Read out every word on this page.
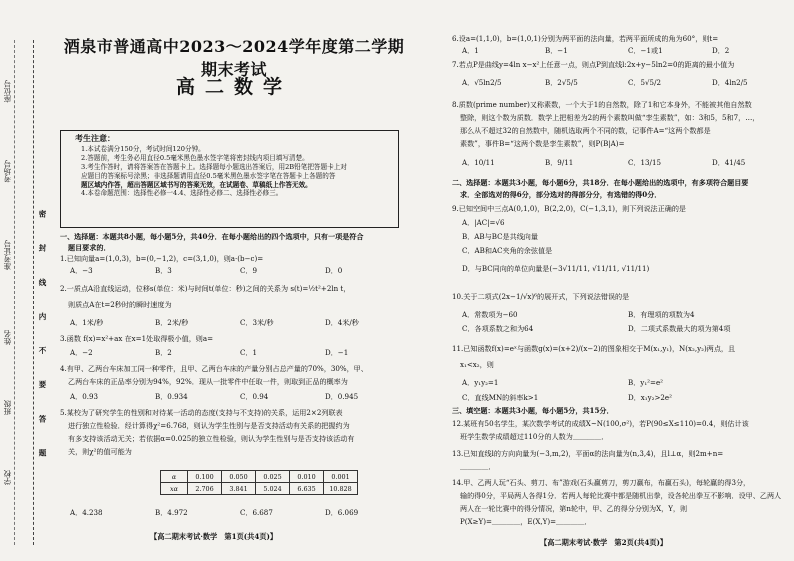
学校
班级
姓名
准考证号
考场号
座位号
密 封 线 内 不 要 答 题
酒泉市普通高中2023～2024学年度第二学期期末考试
高二数学
考生注意：
1.本试卷满分150分，考试时间120分钟。
2.答题前，考生务必用直径0.5毫米黑色墨水签字笔将密封线内项目填写清楚。
3.考生作答时，请将答案答在答题卡上。选择题每小题选出答案后，用2B铅笔把答题卡上对
应题目的答案标号涂黑；非选择题请用直径0.5毫米黑色墨水签字笔在答题卡上各题的答
题区域内作答，超出答题区域书写的答案无效，在试题卷、草稿纸上作答无效。
4.本卷命题范围：选择性必修一4.4、选择性必修二、选择性必修三。
一、选择题：本题共8小题，每小题5分，共40分．在每小题给出的四个选项中，只有一项是符合
题目要求的．
1.已知向量a=(1,0,3)，b=(0,−1,2)，c=(3,1,0)，则a·(b−c)=
A．−3	B．3	C．9	D．0
2.一质点A沿直线运动，位移s(单位：米)与时间t(单位：秒)之间的关系为 s(t)=½t²+2ln t，
则质点A在t=2秒时的瞬时速度为
A．1米/秒	B．2米/秒	C．3米/秒	D．4米/秒
3.函数 f(x)=x²+ax 在x=1处取得极小值，则a=
A．−2	B．2	C．1	D．−1
4.有甲、乙两台车床加工同一种零件，且甲、乙两台车床的产量分别占总产量的70%，30%，甲、
乙两台车床的正品率分别为94%，92%．现从一批零件中任取一件，则取到正品的概率为
A．0.93	B．0.934	C．0.94	D．0.945
5.某校为了研究学生的性别和对待某一活动的态度(支持与不支持)的关系，运用2×2列联表
进行独立性检验．经计算得χ²=6.768，则认为学生性别与是否支持活动有关系的把握约为
有多支持该活动无关；若依据α=0.025的独立性检验，则认为学生性别与是否支持该活动有
关，则χ²的值可能为
α	0.100	0.050	0.025	0.010	0.001
xα	2.706	3.841	5.024	6.635	10.828
A．4.238	B．4.972	C．6.687	D．6.069
【高二期末考试·数学　第1页(共4页)】
6.设a=(1,1,0)，b=(1,0,1)分别为两平面的法向量，若两平面所成的角为60°，则t=
A．1	B．−1	C．−1或1	D．2
7.若点P是曲线y=4ln x−x²上任意一点，则点P到直线l:2x+y−5ln2=0的距离的最小值为
A．√5ln2/5	B．2√5/5	C．5√5/2	D．4ln2/5
8.质数(prime number)又称素数，一个大于1的自然数，除了1和它本身外，不能被其他自然数
整除，则这个数为质数．数学上把相差为2的两个素数叫做“孪生素数”，如：3和5，5和7，…，
那么从不超过32的自然数中，随机选取两个不同的数，记事件A=“这两个数都是
素数”，事件B=“这两个数是孪生素数”，则P(B|A)=
A．10/11	B．9/11	C．13/15	D．41/45
二、选择题：本题共3小题，每小题6分，共18分．在每小题给出的选项中，有多项符合题目要
求．全部选对的得6分，部分选对的得部分分，有选错的得0分．
9.已知空间中三点A(0,1,0)，B(2,2,0)，C(−1,3,1)，则下列说法正确的是
A．|AC|=√6
B．AB与BC是共线向量
C．AB和AC夹角的余弦值是
D．与BC同向的单位向量是(−3√11/11, √11/11, √11/11)
10.关于二项式(2x−1/√x)⁶的展开式，下列说法错误的是
A．常数项为−60	B．有理项的项数为4
C．各项系数之和为64	D．二项式系数最大的项为第4项
11.已知函数f(x)=eˣ与函数g(x)=(x+2)/(x−2)的图象相交于M(x₁,y₁)，N(x₂,y₂)两点，且
x₁<x₂，则
A．y₁y₂=1	B．y₁²=e²
C．直线MN的斜率k>1	D．x₁y₂>2e²
三、填空题：本题共3小题，每小题5分，共15分．
12.某班有50名学生，某次数学考试的成绩X~N(100,σ²)，若P(90≤X≤110)=0.4，则估计该
班学生数学成绩超过110分的人数为＿＿＿＿．
13.已知直线l的方向向量为(−3,m,2)，平面α的法向量为(n,3,4)，且l⊥α，则2m+n=
＿＿＿＿．
14.甲、乙两人玩“石头、剪刀、布”游戏(石头赢剪刀，剪刀赢布，布赢石头)，每轮赢的得3分，
输的得0分，平局两人各得1分．若两人每轮比赛中都是随机出拳，设各轮出拳互不影响．设甲、乙两人
两人在一轮比赛中的得分情况，第n轮中，甲、乙的得分分别为X，Y，则
P(X≥Y)=＿＿＿＿，E(X,Y)=＿＿＿＿．
【高二期末考试·数学　第2页(共4页)】
